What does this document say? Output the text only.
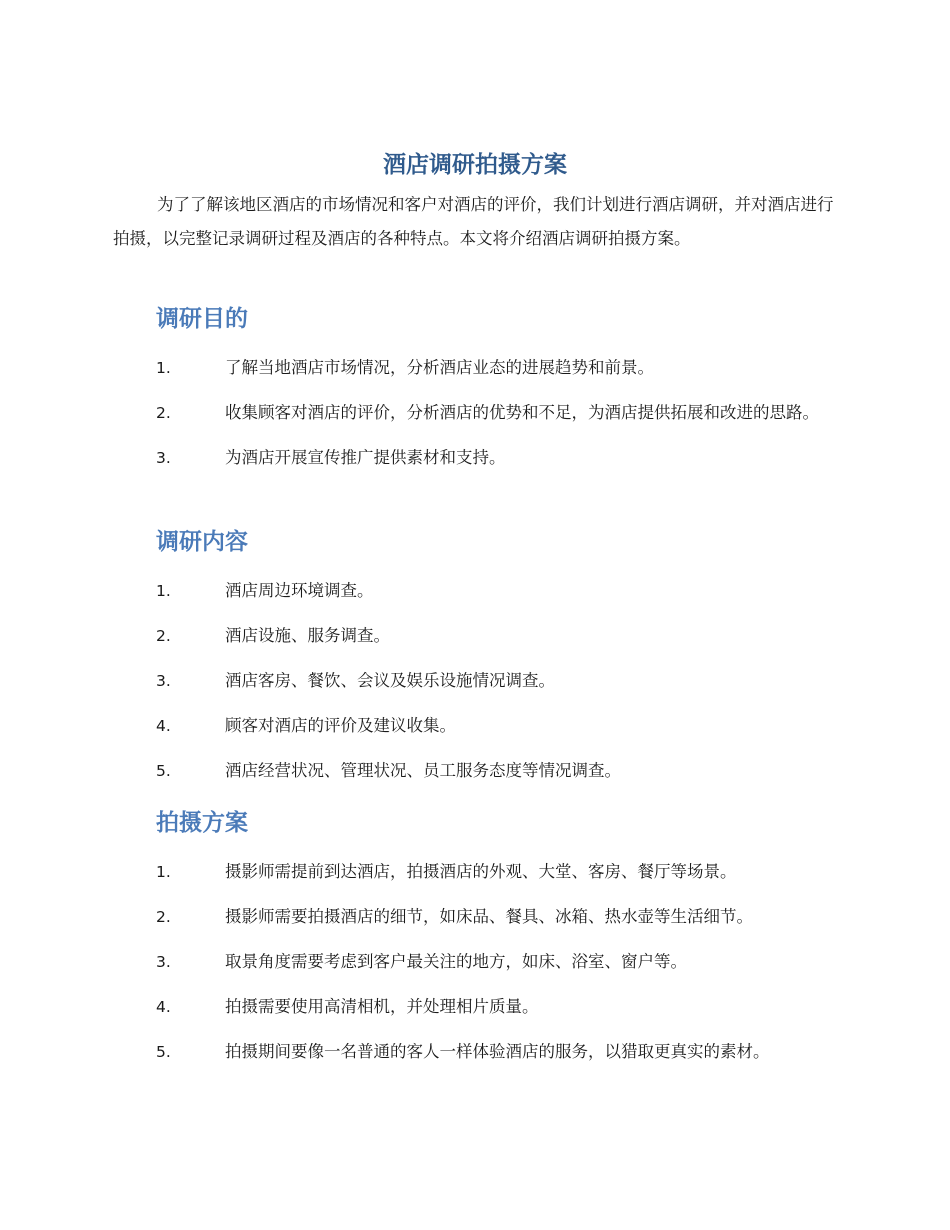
酒店调研拍摄方案

为了了解该地区酒店的市场情况和客户对酒店的评价，我们计划进行酒店调研，并对酒店进行拍摄，以完整记录调研过程及酒店的各种特点。本文将介绍酒店调研拍摄方案。

调研目的
1.	了解当地酒店市场情况，分析酒店业态的进展趋势和前景。
2.	收集顾客对酒店的评价，分析酒店的优势和不足，为酒店提供拓展和改进的思路。
3.	为酒店开展宣传推广提供素材和支持。
调研内容
1.	酒店周边环境调查。
2.	酒店设施、服务调查。
3.	酒店客房、餐饮、会议及娱乐设施情况调查。
4.	顾客对酒店的评价及建议收集。
5.	酒店经营状况、管理状况、员工服务态度等情况调查。
拍摄方案
1.	摄影师需提前到达酒店，拍摄酒店的外观、大堂、客房、餐厅等场景。
2.	摄影师需要拍摄酒店的细节，如床品、餐具、冰箱、热水壶等生活细节。
3.	取景角度需要考虑到客户最关注的地方，如床、浴室、窗户等。
4.	拍摄需要使用高清相机，并处理相片质量。
5.	拍摄期间要像一名普通的客人一样体验酒店的服务，以猎取更真实的素材。
